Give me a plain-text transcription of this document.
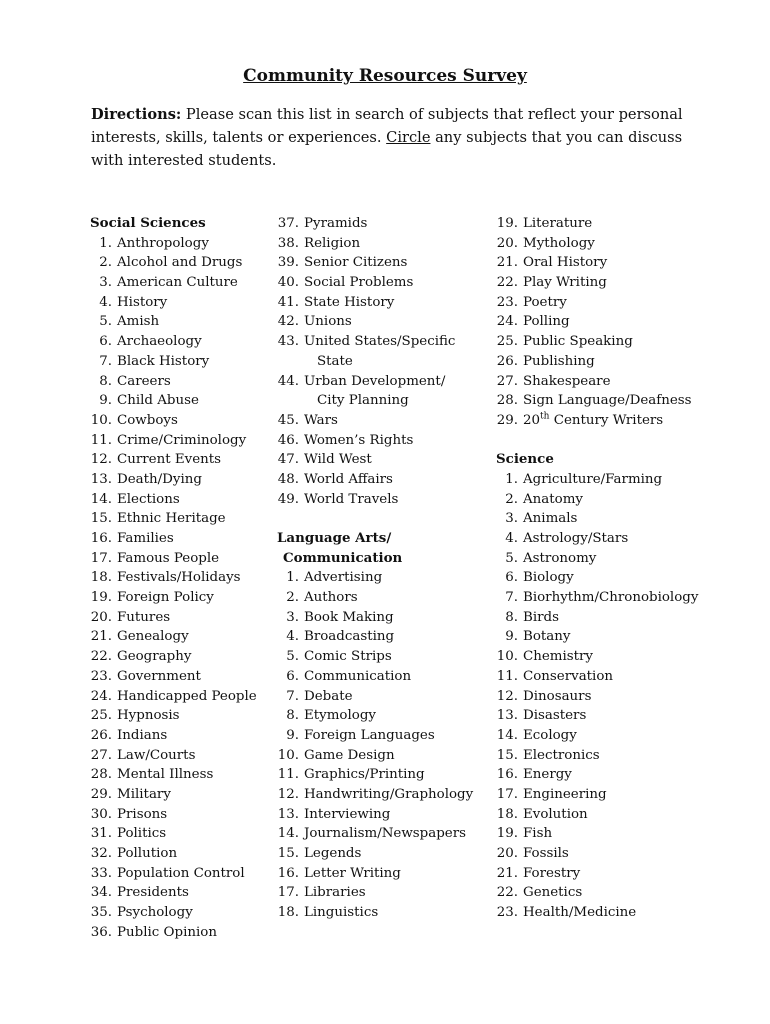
Community Resources Survey
Directions: Please scan this list in search of subjects that reflect your personal interests, skills, talents or experiences. Circle any subjects that you can discuss with interested students.
Social Sciences
1. Anthropology
2. Alcohol and Drugs
3. American Culture
4. History
5. Amish
6. Archaeology
7. Black History
8. Careers
9. Child Abuse
10. Cowboys
11. Crime/Criminology
12. Current Events
13. Death/Dying
14. Elections
15. Ethnic Heritage
16. Families
17. Famous People
18. Festivals/Holidays
19. Foreign Policy
20. Futures
21. Genealogy
22. Geography
23. Government
24. Handicapped People
25. Hypnosis
26. Indians
27. Law/Courts
28. Mental Illness
29. Military
30. Prisons
31. Politics
32. Pollution
33. Population Control
34. Presidents
35. Psychology
36. Public Opinion
37. Pyramids
38. Religion
39. Senior Citizens
40. Social Problems
41. State History
42. Unions
43. United States/Specific
State
44. Urban Development/
City Planning
45. Wars
46. Women’s Rights
47. Wild West
48. World Affairs
49. World Travels
Language Arts/
Communication
1. Advertising
2. Authors
3. Book Making
4. Broadcasting
5. Comic Strips
6. Communication
7. Debate
8. Etymology
9. Foreign Languages
10. Game Design
11. Graphics/Printing
12. Handwriting/Graphology
13. Interviewing
14. Journalism/Newspapers
15. Legends
16. Letter Writing
17. Libraries
18. Linguistics
19. Literature
20. Mythology
21. Oral History
22. Play Writing
23. Poetry
24. Polling
25. Public Speaking
26. Publishing
27. Shakespeare
28. Sign Language/Deafness
29. 20th Century Writers
Science
1. Agriculture/Farming
2. Anatomy
3. Animals
4. Astrology/Stars
5. Astronomy
6. Biology
7. Biorhythm/Chronobiology
8. Birds
9. Botany
10. Chemistry
11. Conservation
12. Dinosaurs
13. Disasters
14. Ecology
15. Electronics
16. Energy
17. Engineering
18. Evolution
19. Fish
20. Fossils
21. Forestry
22. Genetics
23. Health/Medicine
